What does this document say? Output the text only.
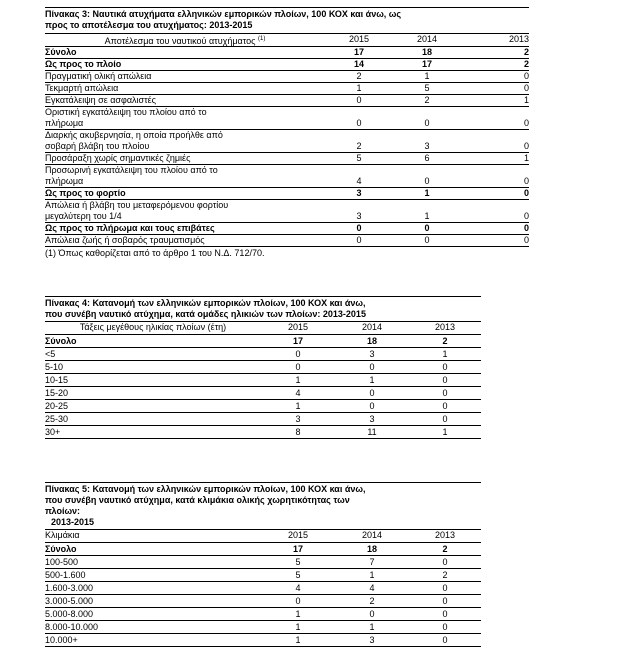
Πίνακας 3: Ναυτικά ατυχήματα ελληνικών εμπορικών πλοίων, 100 ΚΟΧ και άνω, ως
προς το αποτέλεσμα του ατυχήματος: 2013-2015
Αποτέλεσμα του ναυτικού ατυχήματος $^{(1)}$	2015	2014	2013
Σύνολο	17	18	2
Ως προς το πλοίο	14	17	2
Πραγματική ολική απώλεια	2	1	0
Τεκμαρτή απώλεια	1	5	0
Εγκατάλειψη σε ασφαλιστές	0	2	1
Οριστική εγκατάλειψη του πλοίου από το
πλήρωμα	0	0	0
Διαρκής ακυβερνησία, η οποία προήλθε από
σοβαρή βλάβη του πλοίου	2	3	0
Προσάραξη χωρίς σημαντικές ζημιές	5	6	1
Προσωρινή εγκατάλειψη του πλοίου από το
πλήρωμα	4	0	0
Ως προς το φορτίο	3	1	0
Απώλεια ή βλάβη του μεταφερόμενου φορτίου
μεγαλύτερη του 1/4	3	1	0
Ως προς το πλήρωμα και τους επιβάτες	0	0	0
Απώλεια ζωής ή σοβαρός τραυματισμός	0	0	0
(1) Όπως καθορίζεται από το άρθρο 1 του Ν.Δ. 712/70.
Πίνακας 4: Κατανομή των ελληνικών εμπορικών πλοίων, 100 ΚΟΧ και άνω,
που συνέβη ναυτικό ατύχημα, κατά ομάδες ηλικιών των πλοίων: 2013-2015
Τάξεις μεγέθους ηλικίας πλοίων (έτη)	2015	2014	2013
Σύνολο	17	18	2
<5	0	3	1
5-10	0	0	0
10-15	1	1	0
15-20	4	0	0
20-25	1	0	0
25-30	3	3	0
30+	8	11	1
Πίνακας 5: Κατανομή των ελληνικών εμπορικών πλοίων, 100 ΚΟΧ και άνω,
που συνέβη ναυτικό ατύχημα, κατά κλιμάκια ολικής χωρητικότητας των
πλοίων:
2013-2015
Κλιμάκια	2015	2014	2013
Σύνολο	17	18	2
100-500	5	7	0
500-1.600	5	1	2
1.600-3.000	4	4	0
3.000-5.000	0	2	0
5.000-8.000	1	0	0
8.000-10.000	1	1	0
10.000+	1	3	0
